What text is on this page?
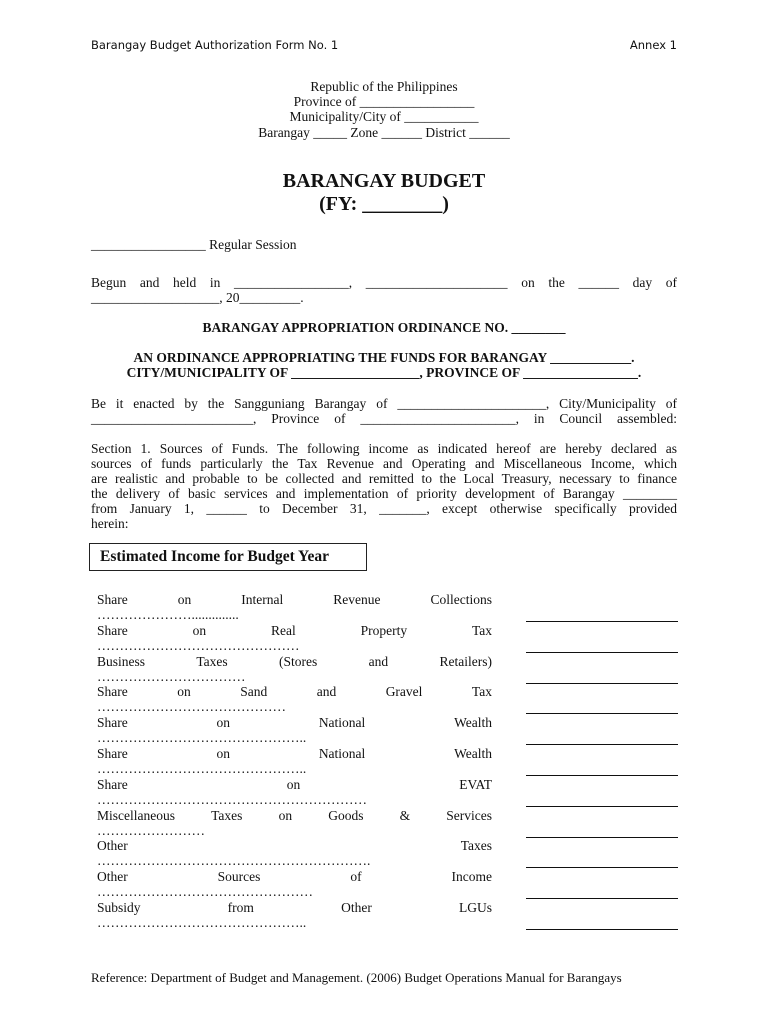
Barangay Budget Authorization Form No. 1	Annex 1
Republic of the Philippines
Province of _________________
Municipality/City of ___________
Barangay _____ Zone ______ District ______
BARANGAY BUDGET
(FY: ________)
_________________ Regular Session
Begun and held in _________________, _____________________ on the ______ day of
___________________, 20_________.
BARANGAY APPROPRIATION ORDINANCE NO. ________
AN ORDINANCE APPROPRIATING THE FUNDS FOR BARANGAY ____________.
CITY/MUNICIPALITY OF ___________________, PROVINCE OF _________________.
Be it enacted by the Sangguniang Barangay of ______________________, City/Municipality of
________________________, Province of _______________________, in Council assembled:
Section 1. Sources of Funds. The following income as indicated hereof are hereby declared as
sources of funds particularly the Tax Revenue and Operating and Miscellaneous Income, which
are realistic and probable to be collected and remitted to the Local Treasury, necessary to finance
the delivery of basic services and implementation of priority development of Barangay ________
from January 1, ______ to December 31, _______, except otherwise specifically provided
herein:
Estimated Income for Budget Year
Share	on	Internal	Revenue	Collections
…………………..............
Share	on	Real	Property	Tax
………………………………………
Business	Taxes	(Stores	and	Retailers)
……………………………
Share	on	Sand	and	Gravel	Tax
……………………………………
Share	on	National	Wealth
………………………………………..
Share	on	National	Wealth
………………………………………..
Share	on	EVAT
……………………………………………………
Miscellaneous	Taxes	on	Goods	&	Services
……………………
Other	Taxes
…………………………………………………….
Other	Sources	of	Income
…………………………………………
Subsidy	from	Other	LGUs
………………………………………..
Reference: Department of Budget and Management. (2006) Budget Operations Manual for Barangays
